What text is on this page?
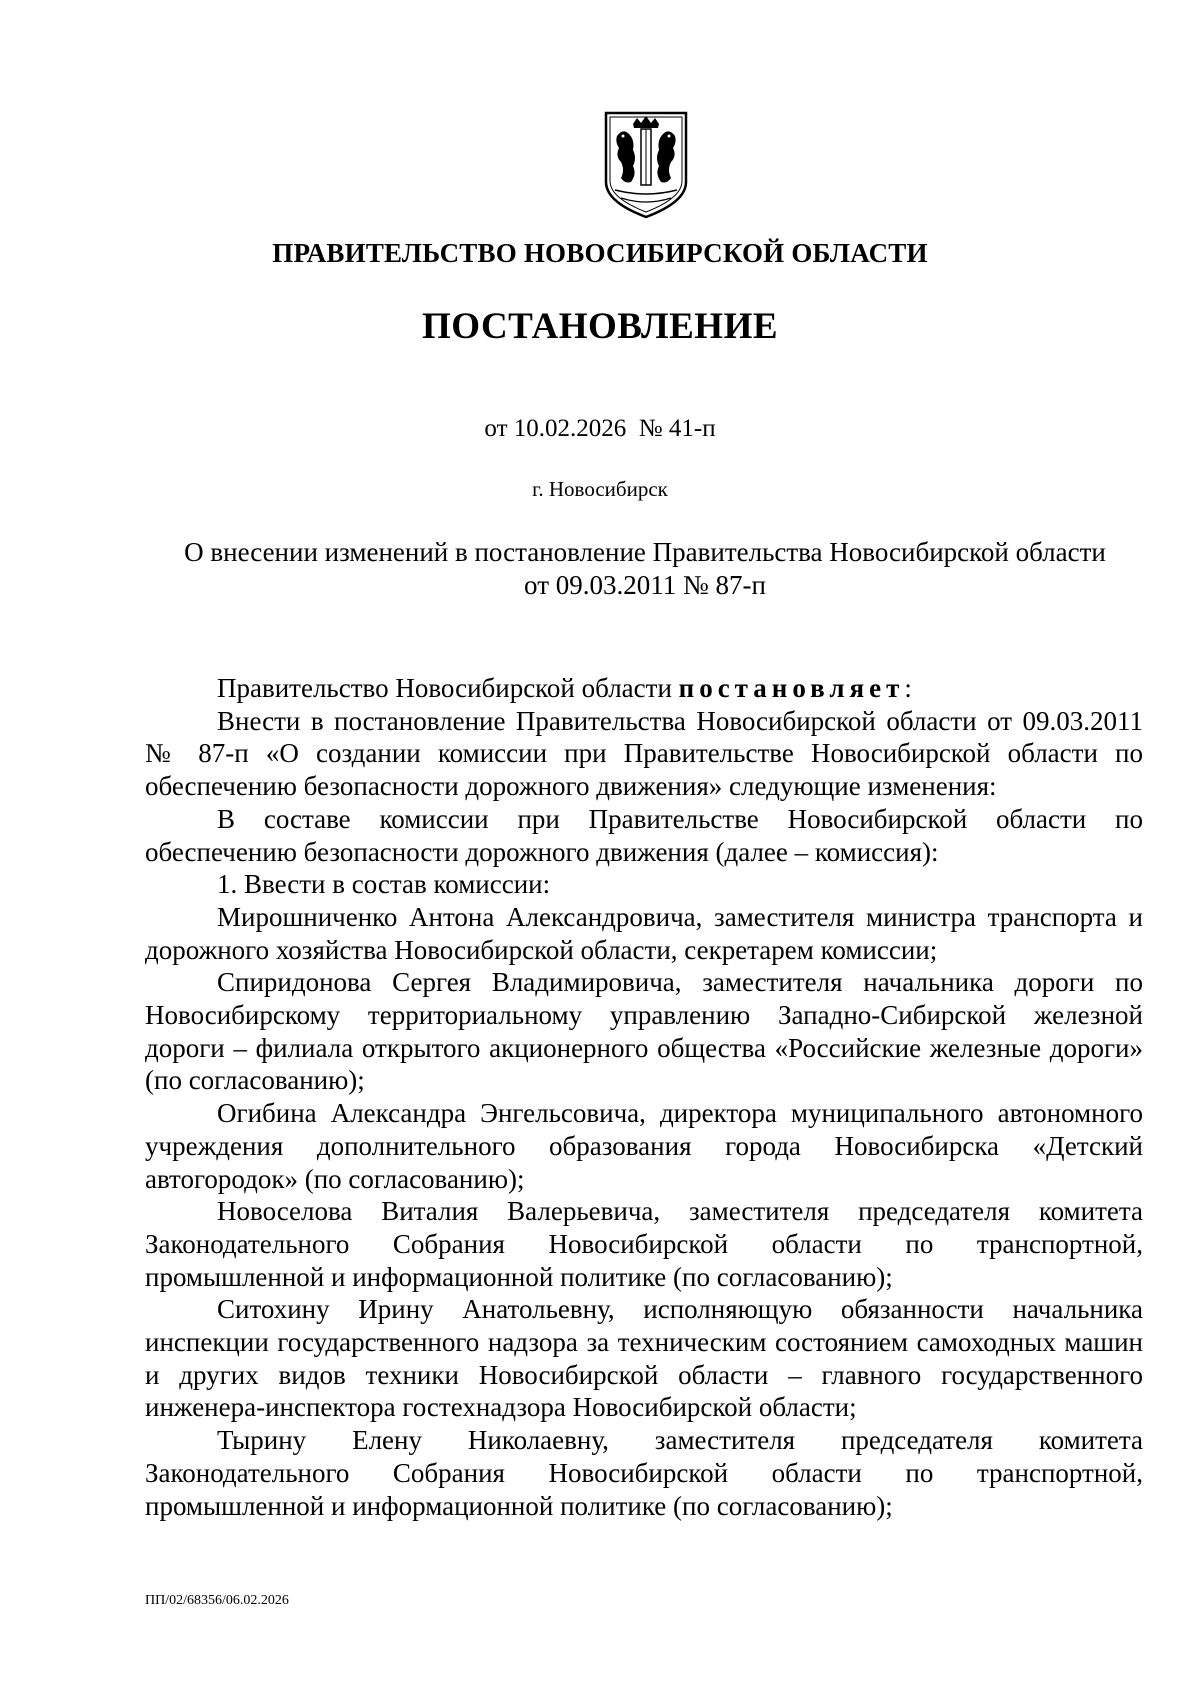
ПРАВИТЕЛЬСТВО НОВОСИБИРСКОЙ ОБЛАСТИ

ПОСТАНОВЛЕНИЕ

от 10.02.2026  № 41-п

г. Новосибирск

О внесении изменений в постановление Правительства Новосибирской области
от 09.03.2011 № 87-п

Правительство Новосибирской области постановляет:

Внести в постановление Правительства Новосибирской области от 09.03.2011 № 87-п «О создании комиссии при Правительстве Новосибирской области по обеспечению безопасности дорожного движения» следующие изменения:

В составе комиссии при Правительстве Новосибирской области по обеспечению безопасности дорожного движения (далее – комиссия):

1. Ввести в состав комиссии:

Мирошниченко Антона Александровича, заместителя министра транспорта и дорожного хозяйства Новосибирской области, секретарем комиссии;

Спиридонова Сергея Владимировича, заместителя начальника дороги по Новосибирскому территориальному управлению Западно-Сибирской железной дороги – филиала открытого акционерного общества «Российские железные дороги» (по согласованию);

Огибина Александра Энгельсовича, директора муниципального автономного учреждения дополнительного образования города Новосибирска «Детский автогородок» (по согласованию);

Новоселова Виталия Валерьевича, заместителя председателя комитета Законодательного Собрания Новосибирской области по транспортной, промышленной и информационной политике (по согласованию);

Ситохину Ирину Анатольевну, исполняющую обязанности начальника инспекции государственного надзора за техническим состоянием самоходных машин и других видов техники Новосибирской области – главного государственного инженера-инспектора гостехнадзора Новосибирской области;

Тырину Елену Николаевну, заместителя председателя комитета Законодательного Собрания Новосибирской области по транспортной, промышленной и информационной политике (по согласованию);

ПП/02/68356/06.02.2026
